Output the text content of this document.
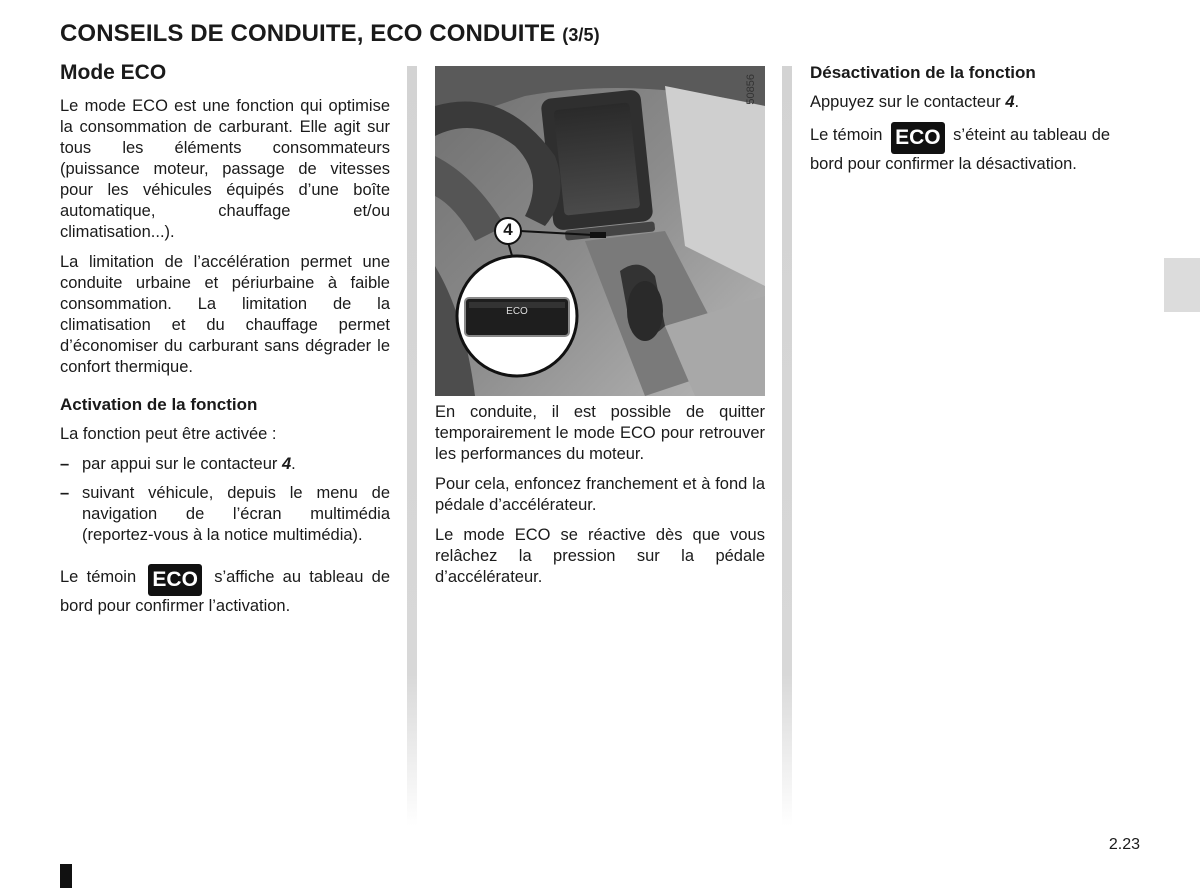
CONSEILS DE CONDUITE, ECO CONDUITE (3/5)
Mode ECO

Le mode ECO est une fonction qui optimise la consommation de carburant. Elle agit sur tous les éléments consommateurs (puissance moteur, passage de vitesses pour les véhicules équipés d’une boîte automatique, chauffage et/ou climatisation...).

La limitation de l’accélération permet une conduite urbaine et périurbaine à faible consommation. La limitation de la climatisation et du chauffage permet d’économiser du carburant sans dégrader le confort thermique.

Activation de la fonction

La fonction peut être activée :

– par appui sur le contacteur 4.
– suivant véhicule, depuis le menu de navigation de l’écran multimédia (reportez-vous à la notice multimédia).

Le témoin ECO s’affiche au tableau de bord pour confirmer l’activation.

4
ECO
50856

En conduite, il est possible de quitter temporairement le mode ECO pour retrouver les performances du moteur.

Pour cela, enfoncez franchement et à fond la pédale d’accélérateur.

Le mode ECO se réactive dès que vous relâchez la pression sur la pédale d’accélérateur.

Désactivation de la fonction

Appuyez sur le contacteur 4.

Le témoin ECO s’éteint au tableau de bord pour confirmer la désactivation.

2.23
